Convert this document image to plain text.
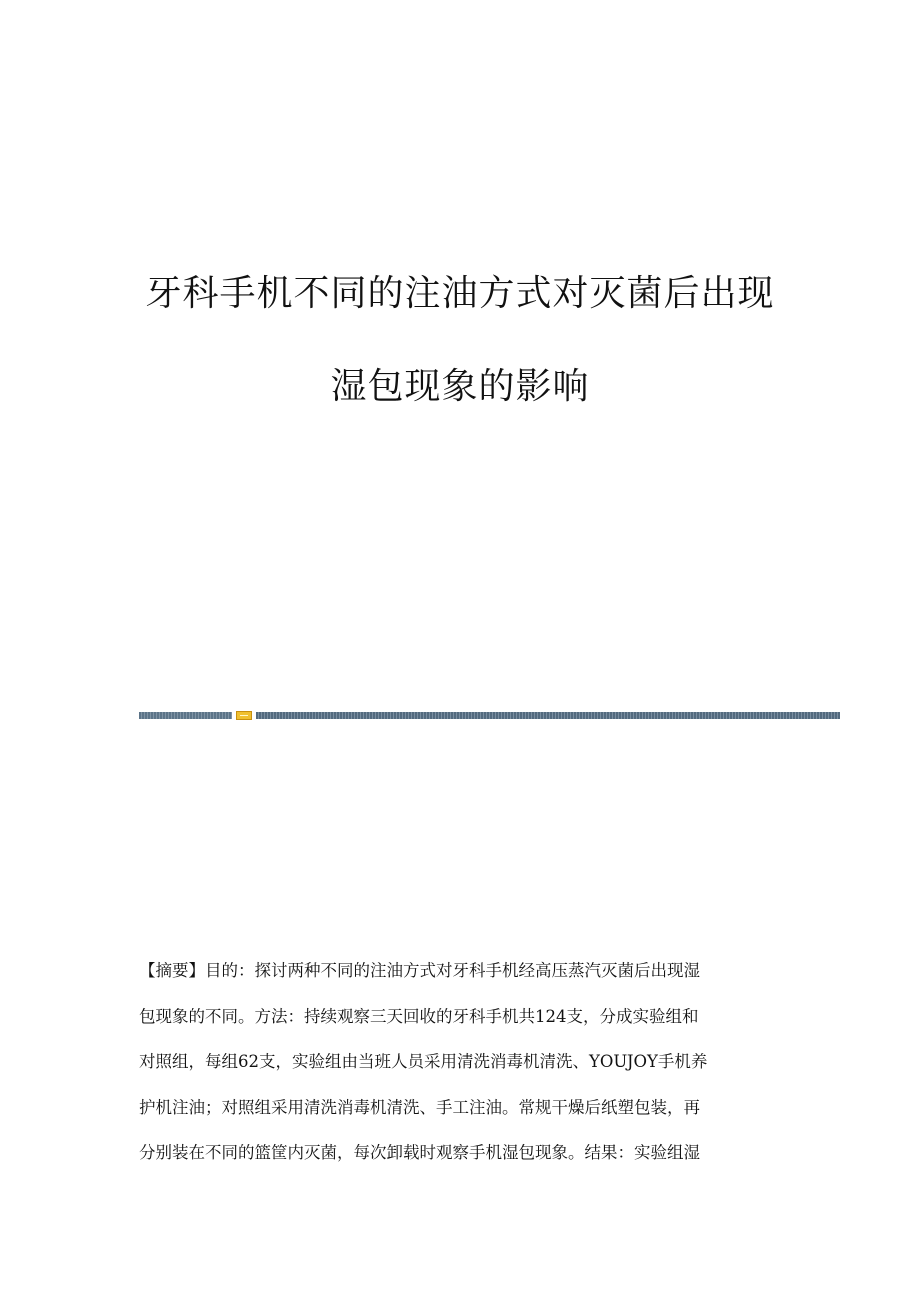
牙科手机不同的注油方式对灭菌后出现
湿包现象的影响
【摘要】目的：探讨两种不同的注油方式对牙科手机经高压蒸汽灭菌后出现湿
包现象的不同。方法：持续观察三天回收的牙科手机共124支，分成实验组和
对照组，每组62支，实验组由当班人员采用清洗消毒机清洗、YOUJOY手机养
护机注油；对照组采用清洗消毒机清洗、手工注油。常规干燥后纸塑包装，再
分别装在不同的篮筐内灭菌，每次卸载时观察手机湿包现象。结果：实验组湿
